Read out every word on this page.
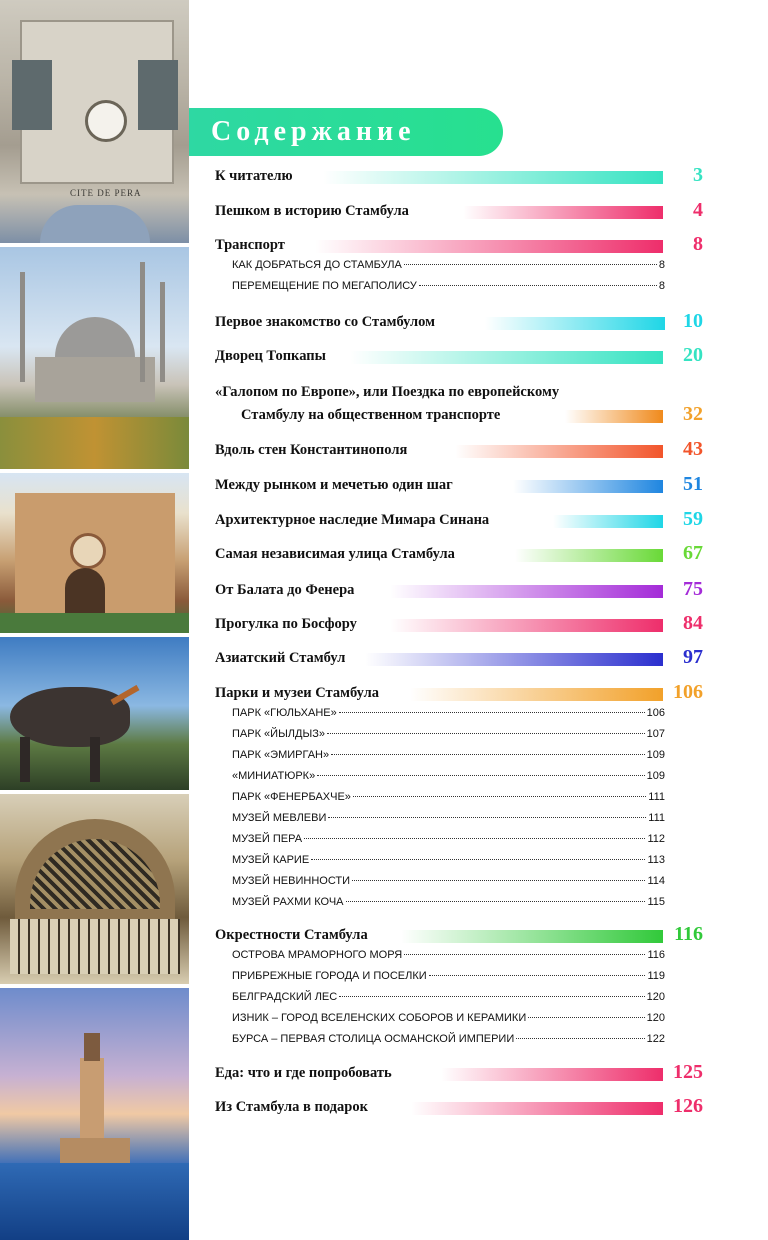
CITE DE PERA
Содержание
К читателю	3
Пешком в историю Стамбула	4
Транспорт	8
КАК ДОБРАТЬСЯ ДО СТАМБУЛА	8
ПЕРЕМЕЩЕНИЕ ПО МЕГАПОЛИСУ	8
Первое знакомство со Стамбулом	10
Дворец Топкапы	20
«Галопом по Европе», или Поездка по европейскому
Стамбулу на общественном транспорте	32
Вдоль стен Константинополя	43
Между рынком и мечетью один шаг	51
Архитектурное наследие Мимара Синана	59
Самая независимая улица Стамбула	67
От Балата до Фенера	75
Прогулка по Босфору	84
Азиатский Стамбул	97
Парки и музеи Стамбула	106
ПАРК «ГЮЛЬХАНЕ»	106
ПАРК «ЙЫЛДЫЗ»	107
ПАРК «ЭМИРГАН»	109
«МИНИАТЮРК»	109
ПАРК «ФЕНЕРБАХЧЕ»	111
МУЗЕЙ МЕВЛЕВИ	111
МУЗЕЙ ПЕРА	112
МУЗЕЙ КАРИЕ	113
МУЗЕЙ НЕВИННОСТИ	114
МУЗЕЙ РАХМИ КОЧА	115
Окрестности Стамбула	116
ОСТРОВА МРАМОРНОГО МОРЯ	116
ПРИБРЕЖНЫЕ ГОРОДА И ПОСЕЛКИ	119
БЕЛГРАДСКИЙ ЛЕС	120
ИЗНИК – ГОРОД ВСЕЛЕНСКИХ СОБОРОВ И КЕРАМИКИ	120
БУРСА – ПЕРВАЯ СТОЛИЦА ОСМАНСКОЙ ИМПЕРИИ	122
Еда: что и где попробовать	125
Из Стамбула в подарок	126
